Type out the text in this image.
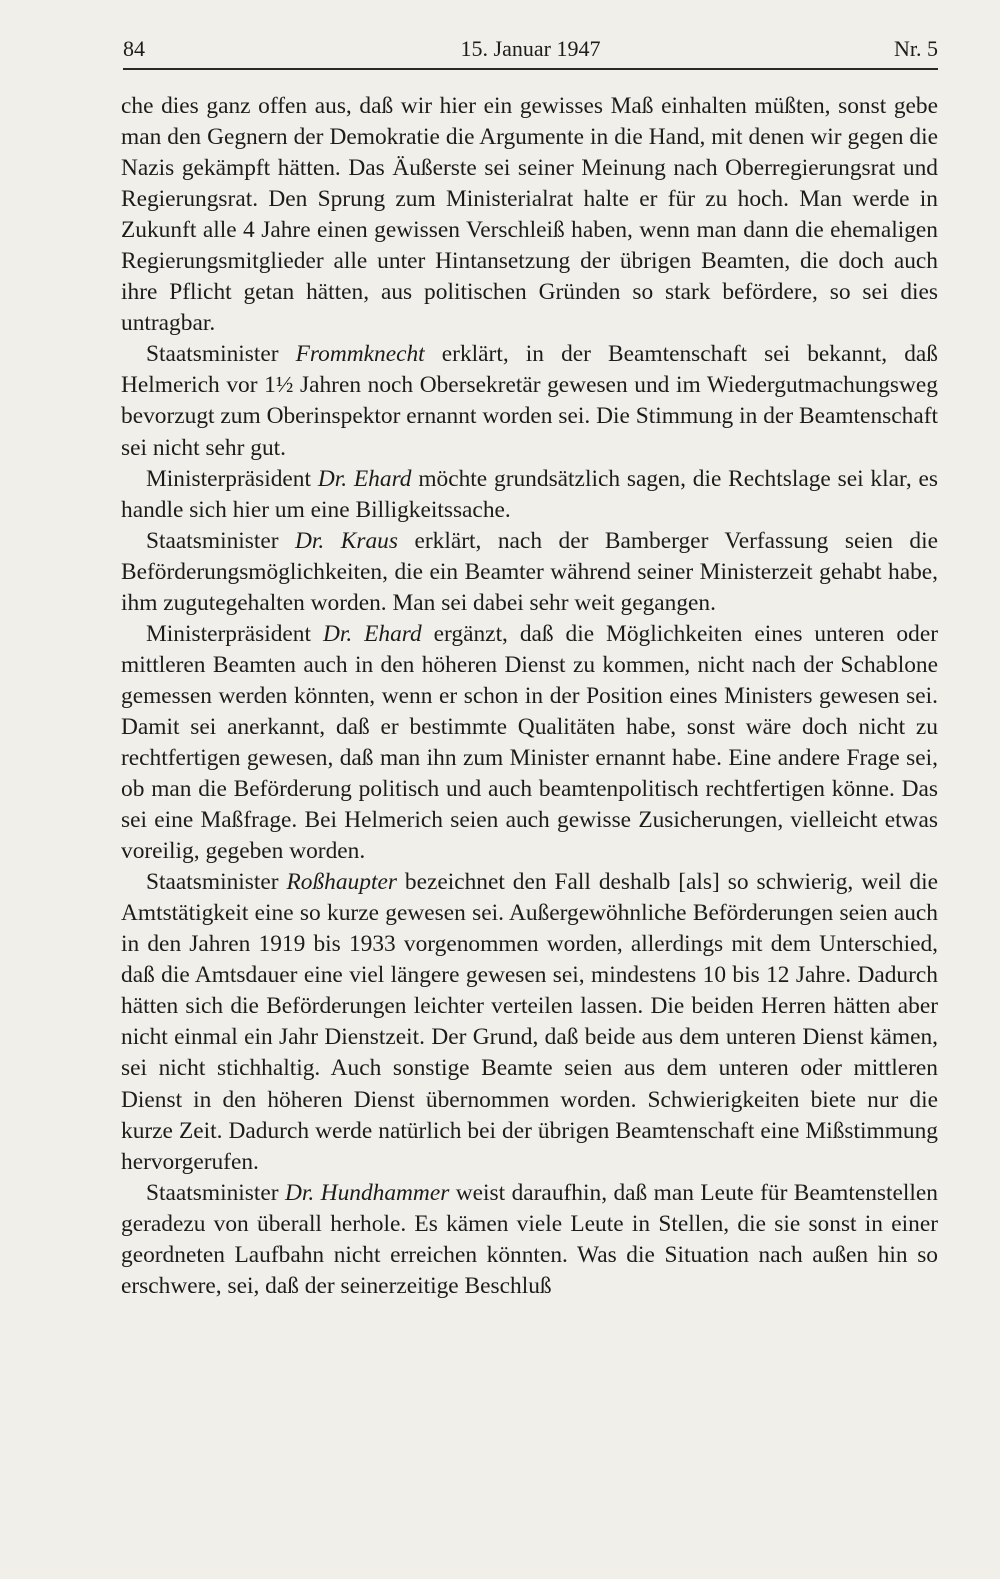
84	15. Januar 1947	Nr. 5

che dies ganz offen aus, daß wir hier ein gewisses Maß einhalten müßten, sonst gebe man den Gegnern der Demokratie die Argumente in die Hand, mit denen wir gegen die Nazis gekämpft hätten. Das Äußerste sei seiner Meinung nach Oberregierungsrat und Regierungsrat. Den Sprung zum Ministerialrat halte er für zu hoch. Man werde in Zukunft alle 4 Jahre einen gewissen Verschleiß haben, wenn man dann die ehemaligen Regierungsmitglieder alle unter Hintansetzung der übrigen Beamten, die doch auch ihre Pflicht getan hätten, aus politischen Gründen so stark befördere, so sei dies untragbar.

Staatsminister Frommknecht erklärt, in der Beamtenschaft sei bekannt, daß Helmerich vor 1½ Jahren noch Obersekretär gewesen und im Wiedergutmachungsweg bevorzugt zum Oberinspektor ernannt worden sei. Die Stimmung in der Beamtenschaft sei nicht sehr gut.

Ministerpräsident Dr. Ehard möchte grundsätzlich sagen, die Rechtslage sei klar, es handle sich hier um eine Billigkeitssache.

Staatsminister Dr. Kraus erklärt, nach der Bamberger Verfassung seien die Beförderungsmöglichkeiten, die ein Beamter während seiner Ministerzeit gehabt habe, ihm zugutegehalten worden. Man sei dabei sehr weit gegangen.

Ministerpräsident Dr. Ehard ergänzt, daß die Möglichkeiten eines unteren oder mittleren Beamten auch in den höheren Dienst zu kommen, nicht nach der Schablone gemessen werden könnten, wenn er schon in der Position eines Ministers gewesen sei. Damit sei anerkannt, daß er bestimmte Qualitäten habe, sonst wäre doch nicht zu rechtfertigen gewesen, daß man ihn zum Minister ernannt habe. Eine andere Frage sei, ob man die Beförderung politisch und auch beamtenpolitisch rechtfertigen könne. Das sei eine Maßfrage. Bei Helmerich seien auch gewisse Zusicherungen, vielleicht etwas voreilig, gegeben worden.

Staatsminister Roßhaupter bezeichnet den Fall deshalb [als] so schwierig, weil die Amtstätigkeit eine so kurze gewesen sei. Außergewöhnliche Beförderungen seien auch in den Jahren 1919 bis 1933 vorgenommen worden, allerdings mit dem Unterschied, daß die Amtsdauer eine viel längere gewesen sei, mindestens 10 bis 12 Jahre. Dadurch hätten sich die Beförderungen leichter verteilen lassen. Die beiden Herren hätten aber nicht einmal ein Jahr Dienstzeit. Der Grund, daß beide aus dem unteren Dienst kämen, sei nicht stichhaltig. Auch sonstige Beamte seien aus dem unteren oder mittleren Dienst in den höheren Dienst übernommen worden. Schwierigkeiten biete nur die kurze Zeit. Dadurch werde natürlich bei der übrigen Beamtenschaft eine Mißstimmung hervorgerufen.

Staatsminister Dr. Hundhammer weist daraufhin, daß man Leute für Beamtenstellen geradezu von überall herhole. Es kämen viele Leute in Stellen, die sie sonst in einer geordneten Laufbahn nicht erreichen könnten. Was die Situation nach außen hin so erschwere, sei, daß der seinerzeitige Beschluß
